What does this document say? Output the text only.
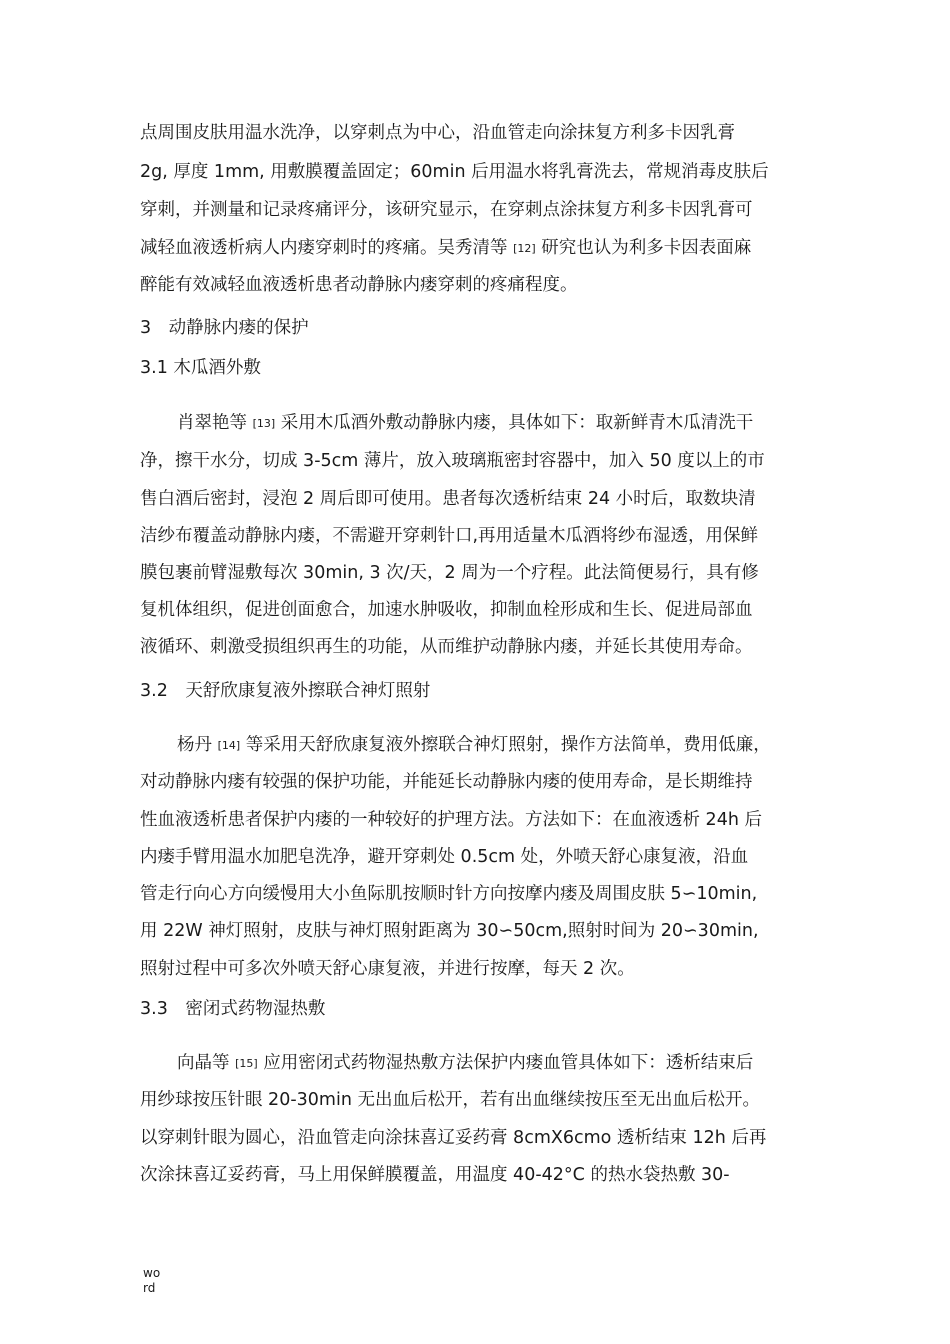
点周围皮肤用温水洗净，以穿刺点为中心，沿血管走向涂抹复方利多卡因乳膏
2g, 厚度 1mm, 用敷膜覆盖固定；60min 后用温水将乳膏洗去，常规消毒皮肤后
穿刺，并测量和记录疼痛评分，该研究显示，在穿刺点涂抹复方利多卡因乳膏可
减轻血液透析病人内瘘穿刺时的疼痛。吴秀清等 [12] 研究也认为利多卡因表面麻
醉能有效减轻血液透析患者动静脉内瘘穿刺的疼痛程度。
3　动静脉内瘘的保护
3.1 木瓜酒外敷
肖翠艳等 [13] 采用木瓜酒外敷动静脉内瘘，具体如下：取新鲜青木瓜清洗干
净，擦干水分，切成 3-5cm 薄片，放入玻璃瓶密封容器中，加入 50 度以上的市
售白酒后密封，浸泡 2 周后即可使用。患者每次透析结束 24 小时后，取数块清
洁纱布覆盖动静脉内瘘，不需避开穿刺针口,再用适量木瓜酒将纱布湿透，用保鲜
膜包裹前臂湿敷每次 30min, 3 次/天，2 周为一个疗程。此法简便易行，具有修
复机体组织，促进创面愈合，加速水肿吸收，抑制血栓形成和生长、促进局部血
液循环、刺激受损组织再生的功能，从而维护动静脉内瘘，并延长其使用寿命。
3.2　天舒欣康复液外擦联合神灯照射
杨丹 [14] 等采用天舒欣康复液外擦联合神灯照射，操作方法简单，费用低廉，
对动静脉内瘘有较强的保护功能，并能延长动静脉内瘘的使用寿命，是长期维持
性血液透析患者保护内瘘的一种较好的护理方法。方法如下：在血液透析 24h 后
内瘘手臂用温水加肥皂洗净，避开穿刺处 0.5cm 处，外喷天舒心康复液，沿血
管走行向心方向缓慢用大小鱼际肌按顺时针方向按摩内瘘及周围皮肤 5∽10min,
用 22W 神灯照射，皮肤与神灯照射距离为 30∽50cm,照射时间为 20∽30min,
照射过程中可多次外喷天舒心康复液，并进行按摩，每天 2 次。
3.3　密闭式药物湿热敷
向晶等 [15] 应用密闭式药物湿热敷方法保护内瘘血管具体如下：透析结束后
用纱球按压针眼 20-30min 无出血后松开，若有出血继续按压至无出血后松开。
以穿刺针眼为圆心，沿血管走向涂抹喜辽妥药膏 8cmX6cmo 透析结束 12h 后再
次涂抹喜辽妥药膏，马上用保鲜膜覆盖，用温度 40-42°C 的热水袋热敷 30-
word
